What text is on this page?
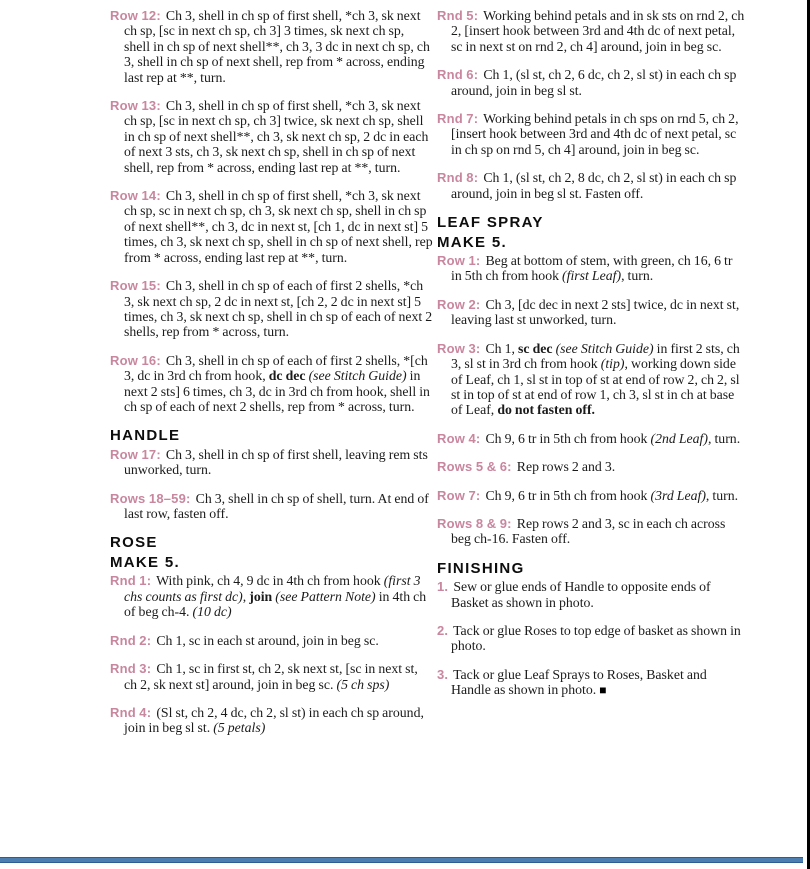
Row 12: Ch 3, shell in ch sp of first shell, *ch 3, sk next ch sp, [sc in next ch sp, ch 3] 3 times, sk next ch sp, shell in ch sp of next shell**, ch 3, 3 dc in next ch sp, ch 3, shell in ch sp of next shell, rep from * across, ending last rep at **, turn.

Row 13: Ch 3, shell in ch sp of first shell, *ch 3, sk next ch sp, [sc in next ch sp, ch 3] twice, sk next ch sp, shell in ch sp of next shell**, ch 3, sk next ch sp, 2 dc in each of next 3 sts, ch 3, sk next ch sp, shell in ch sp of next shell, rep from * across, ending last rep at **, turn.

Row 14: Ch 3, shell in ch sp of first shell, *ch 3, sk next ch sp, sc in next ch sp, ch 3, sk next ch sp, shell in ch sp of next shell**, ch 3, dc in next st, [ch 1, dc in next st] 5 times, ch 3, sk next ch sp, shell in ch sp of next shell, rep from * across, ending last rep at **, turn.

Row 15: Ch 3, shell in ch sp of each of first 2 shells, *ch 3, sk next ch sp, 2 dc in next st, [ch 2, 2 dc in next st] 5 times, ch 3, sk next ch sp, shell in ch sp of each of next 2 shells, rep from * across, turn.

Row 16: Ch 3, shell in ch sp of each of first 2 shells, *[ch 3, dc in 3rd ch from hook, dc dec (see Stitch Guide) in next 2 sts] 6 times, ch 3, dc in 3rd ch from hook, shell in ch sp of each of next 2 shells, rep from * across, turn.

HANDLE

Row 17: Ch 3, shell in ch sp of first shell, leaving rem sts unworked, turn.

Rows 18–59: Ch 3, shell in ch sp of shell, turn. At end of last row, fasten off.

ROSE
MAKE 5.

Rnd 1: With pink, ch 4, 9 dc in 4th ch from hook (first 3 chs counts as first dc), join (see Pattern Note) in 4th ch of beg ch-4. (10 dc)

Rnd 2: Ch 1, sc in each st around, join in beg sc.

Rnd 3: Ch 1, sc in first st, ch 2, sk next st, [sc in next st, ch 2, sk next st] around, join in beg sc. (5 ch sps)

Rnd 4: (Sl st, ch 2, 4 dc, ch 2, sl st) in each ch sp around, join in beg sl st. (5 petals)

Rnd 5: Working behind petals and in sk sts on rnd 2, ch 2, [insert hook between 3rd and 4th dc of next petal, sc in next st on rnd 2, ch 4] around, join in beg sc.

Rnd 6: Ch 1, (sl st, ch 2, 6 dc, ch 2, sl st) in each ch sp around, join in beg sl st.

Rnd 7: Working behind petals in ch sps on rnd 5, ch 2, [insert hook between 3rd and 4th dc of next petal, sc in ch sp on rnd 5, ch 4] around, join in beg sc.

Rnd 8: Ch 1, (sl st, ch 2, 8 dc, ch 2, sl st) in each ch sp around, join in beg sl st. Fasten off.

LEAF SPRAY
MAKE 5.

Row 1: Beg at bottom of stem, with green, ch 16, 6 tr in 5th ch from hook (first Leaf), turn.

Row 2: Ch 3, [dc dec in next 2 sts] twice, dc in next st, leaving last st unworked, turn.

Row 3: Ch 1, sc dec (see Stitch Guide) in first 2 sts, ch 3, sl st in 3rd ch from hook (tip), working down side of Leaf, ch 1, sl st in top of st at end of row 2, ch 2, sl st in top of st at end of row 1, ch 3, sl st in ch at base of Leaf, do not fasten off.

Row 4: Ch 9, 6 tr in 5th ch from hook (2nd Leaf), turn.

Rows 5 & 6: Rep rows 2 and 3.

Row 7: Ch 9, 6 tr in 5th ch from hook (3rd Leaf), turn.

Rows 8 & 9: Rep rows 2 and 3, sc in each ch across beg ch-16. Fasten off.

FINISHING

1. Sew or glue ends of Handle to opposite ends of Basket as shown in photo.

2. Tack or glue Roses to top edge of basket as shown in photo.

3. Tack or glue Leaf Sprays to Roses, Basket and Handle as shown in photo. ■
